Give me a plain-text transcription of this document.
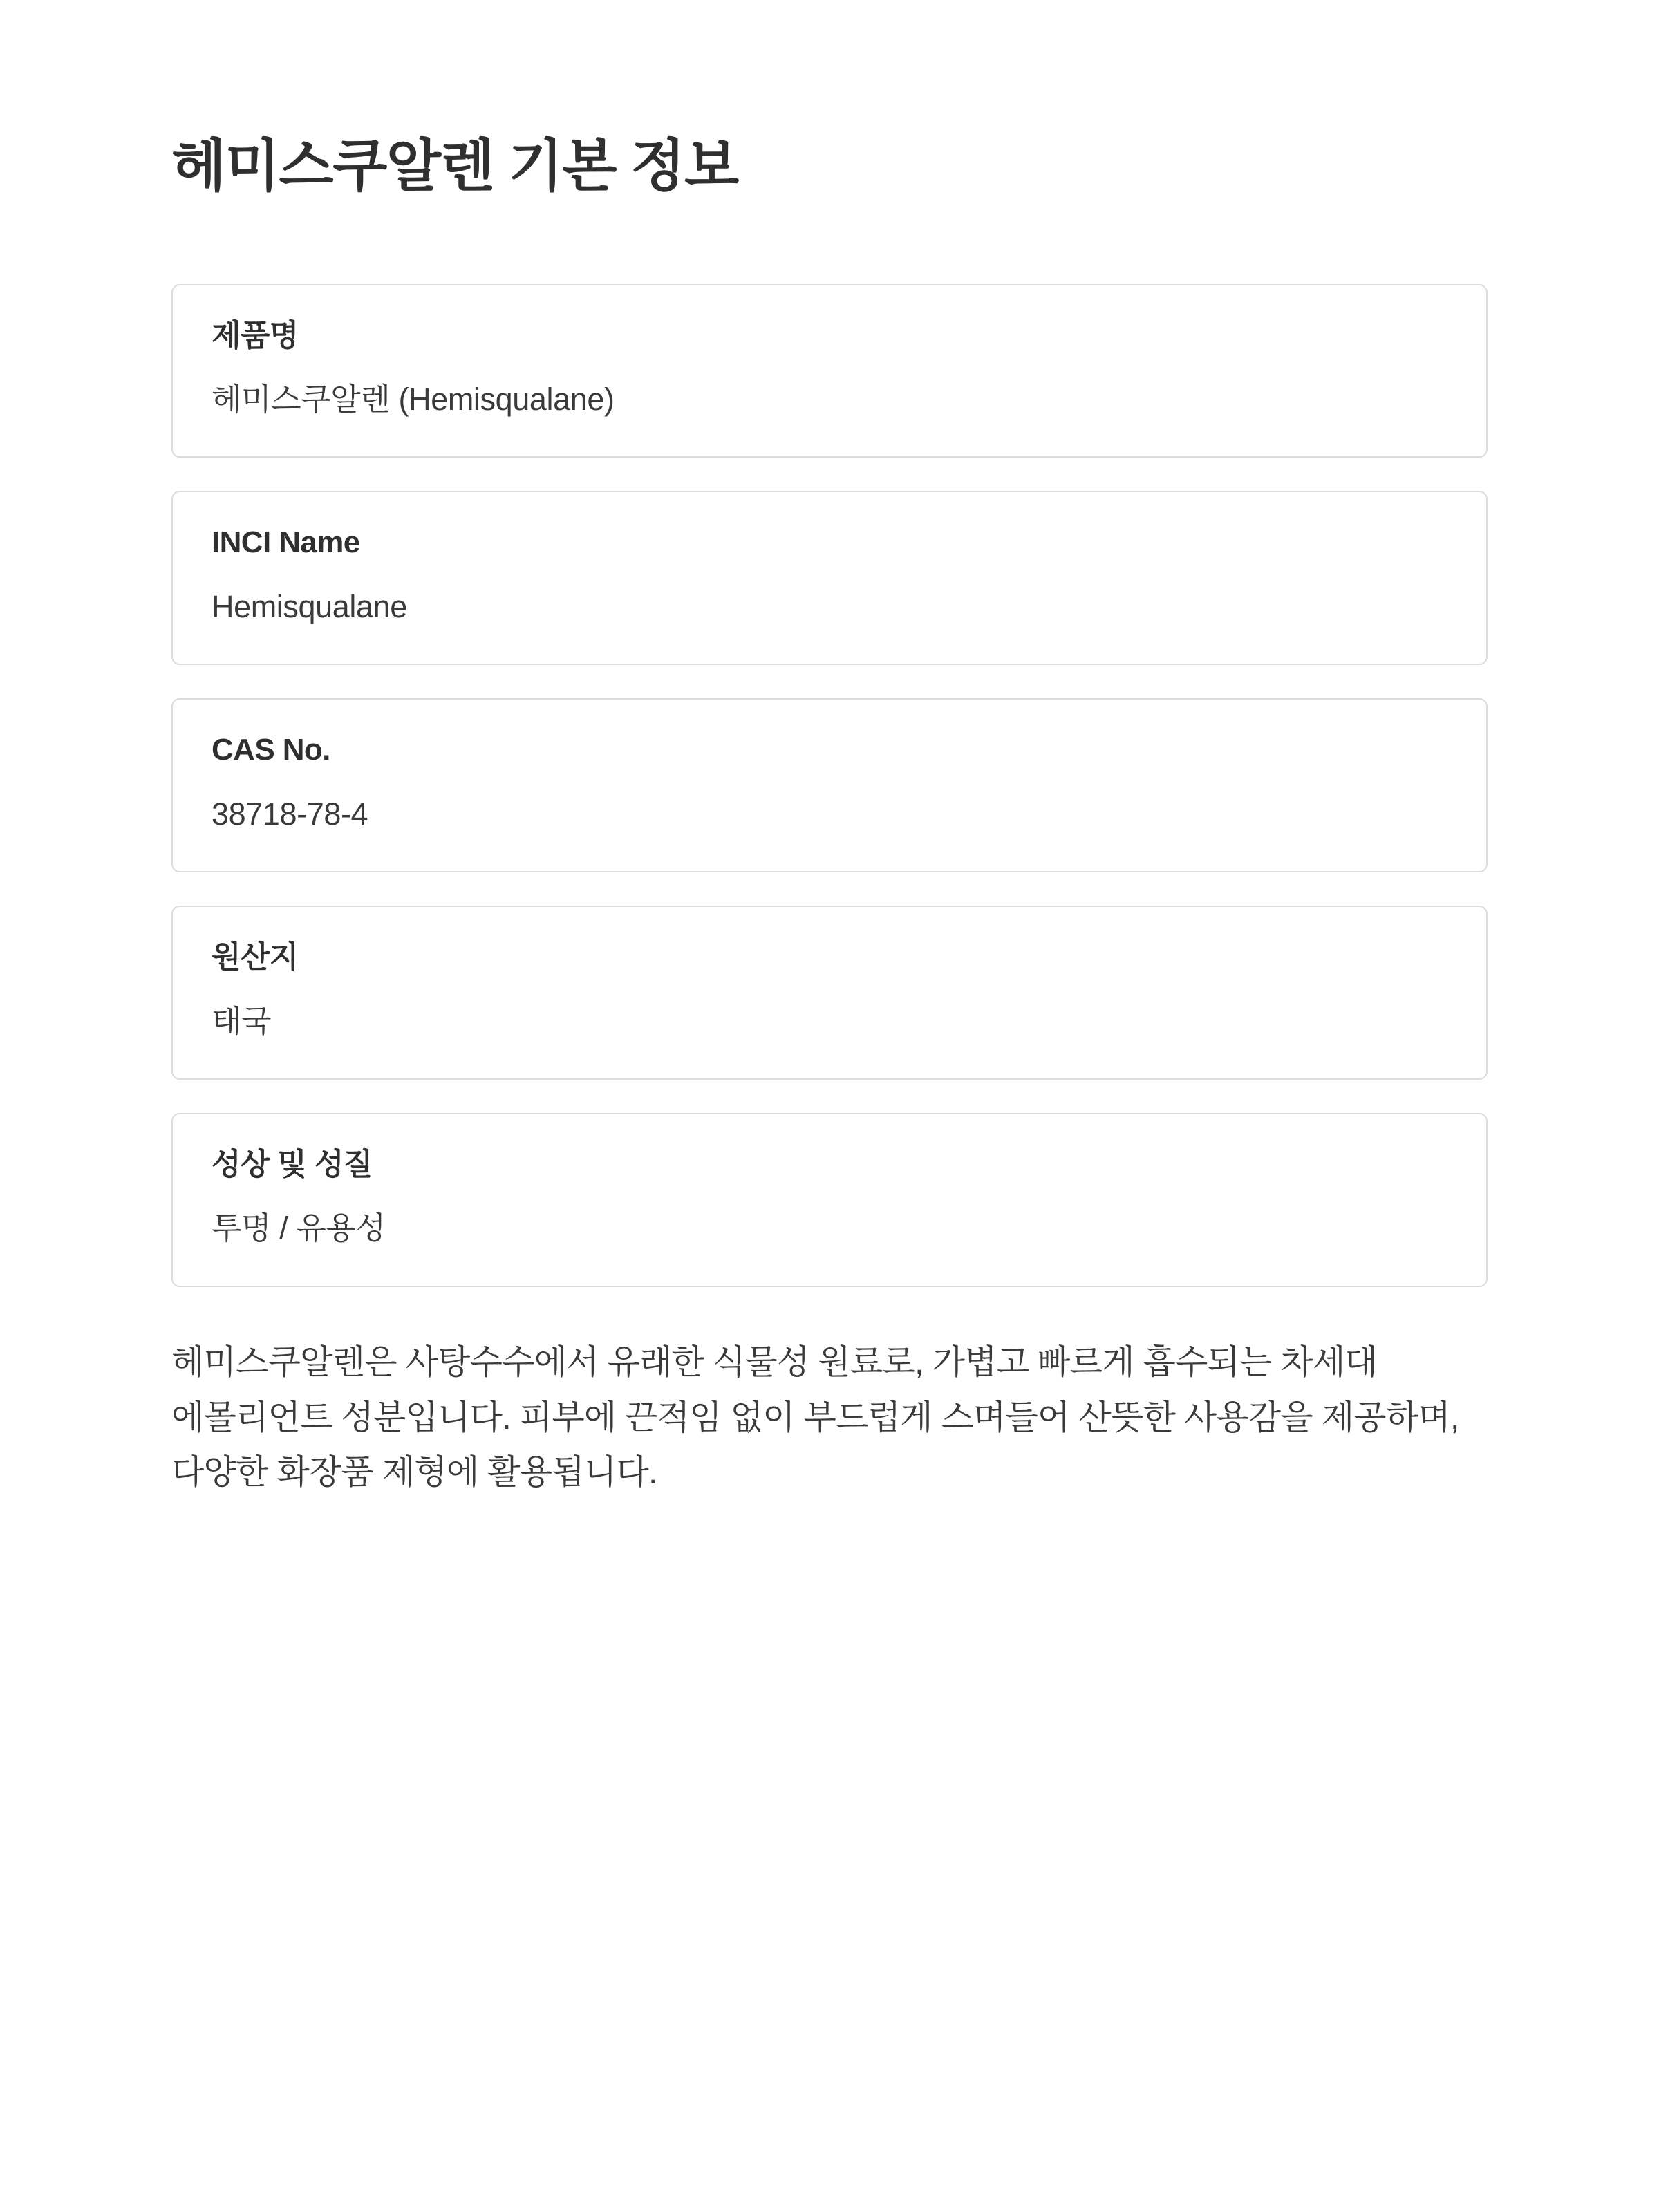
헤미스쿠알렌 기본 정보
제품명
헤미스쿠알렌 (Hemisqualane)
INCI Name
Hemisqualane
CAS No.
38718-78-4
원산지
태국
성상 및 성질
투명 / 유용성

헤미스쿠알렌은 사탕수수에서 유래한 식물성 원료로, 가볍고 빠르게 흡수되는 차세대 에몰리언트 성분입니다. 피부에 끈적임 없이 부드럽게 스며들어 산뜻한 사용감을 제공하며, 다양한 화장품 제형에 활용됩니다.
